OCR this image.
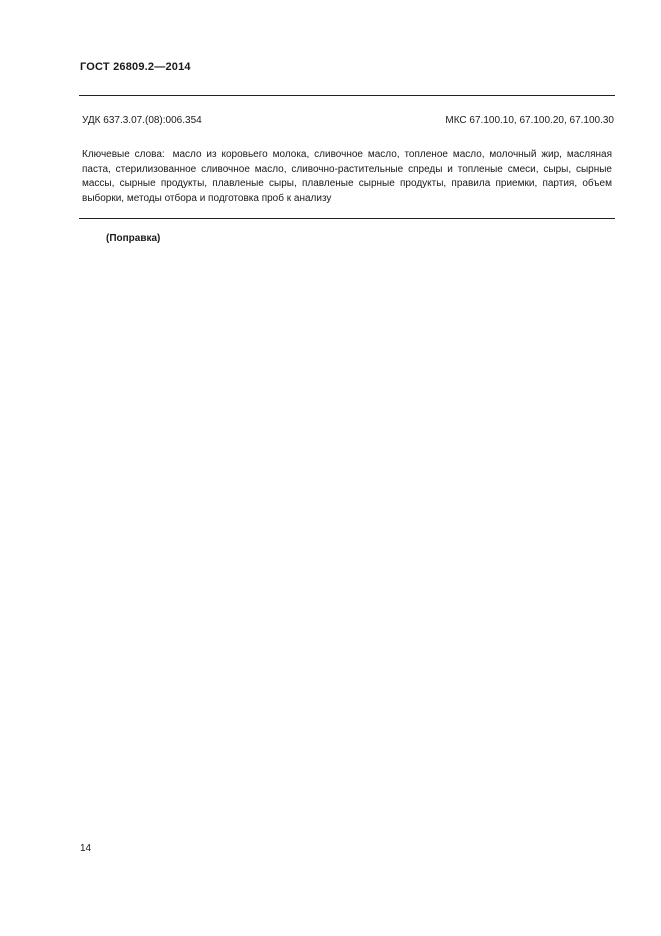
ГОСТ 26809.2—2014
УДК 637.3.07.(08):006.354	МКС 67.100.10, 67.100.20, 67.100.30
Ключевые слова: масло из коровьего молока, сливочное масло, топленое масло, молочный жир, масляная паста, стерилизованное сливочное масло, сливочно-растительные спреды и топленые смеси, сыры, сырные массы, сырные продукты, плавленые сыры, плавленые сырные продукты, правила приемки, партия, объем выборки, методы отбора и подготовка проб к анализу
(Поправка)
14
